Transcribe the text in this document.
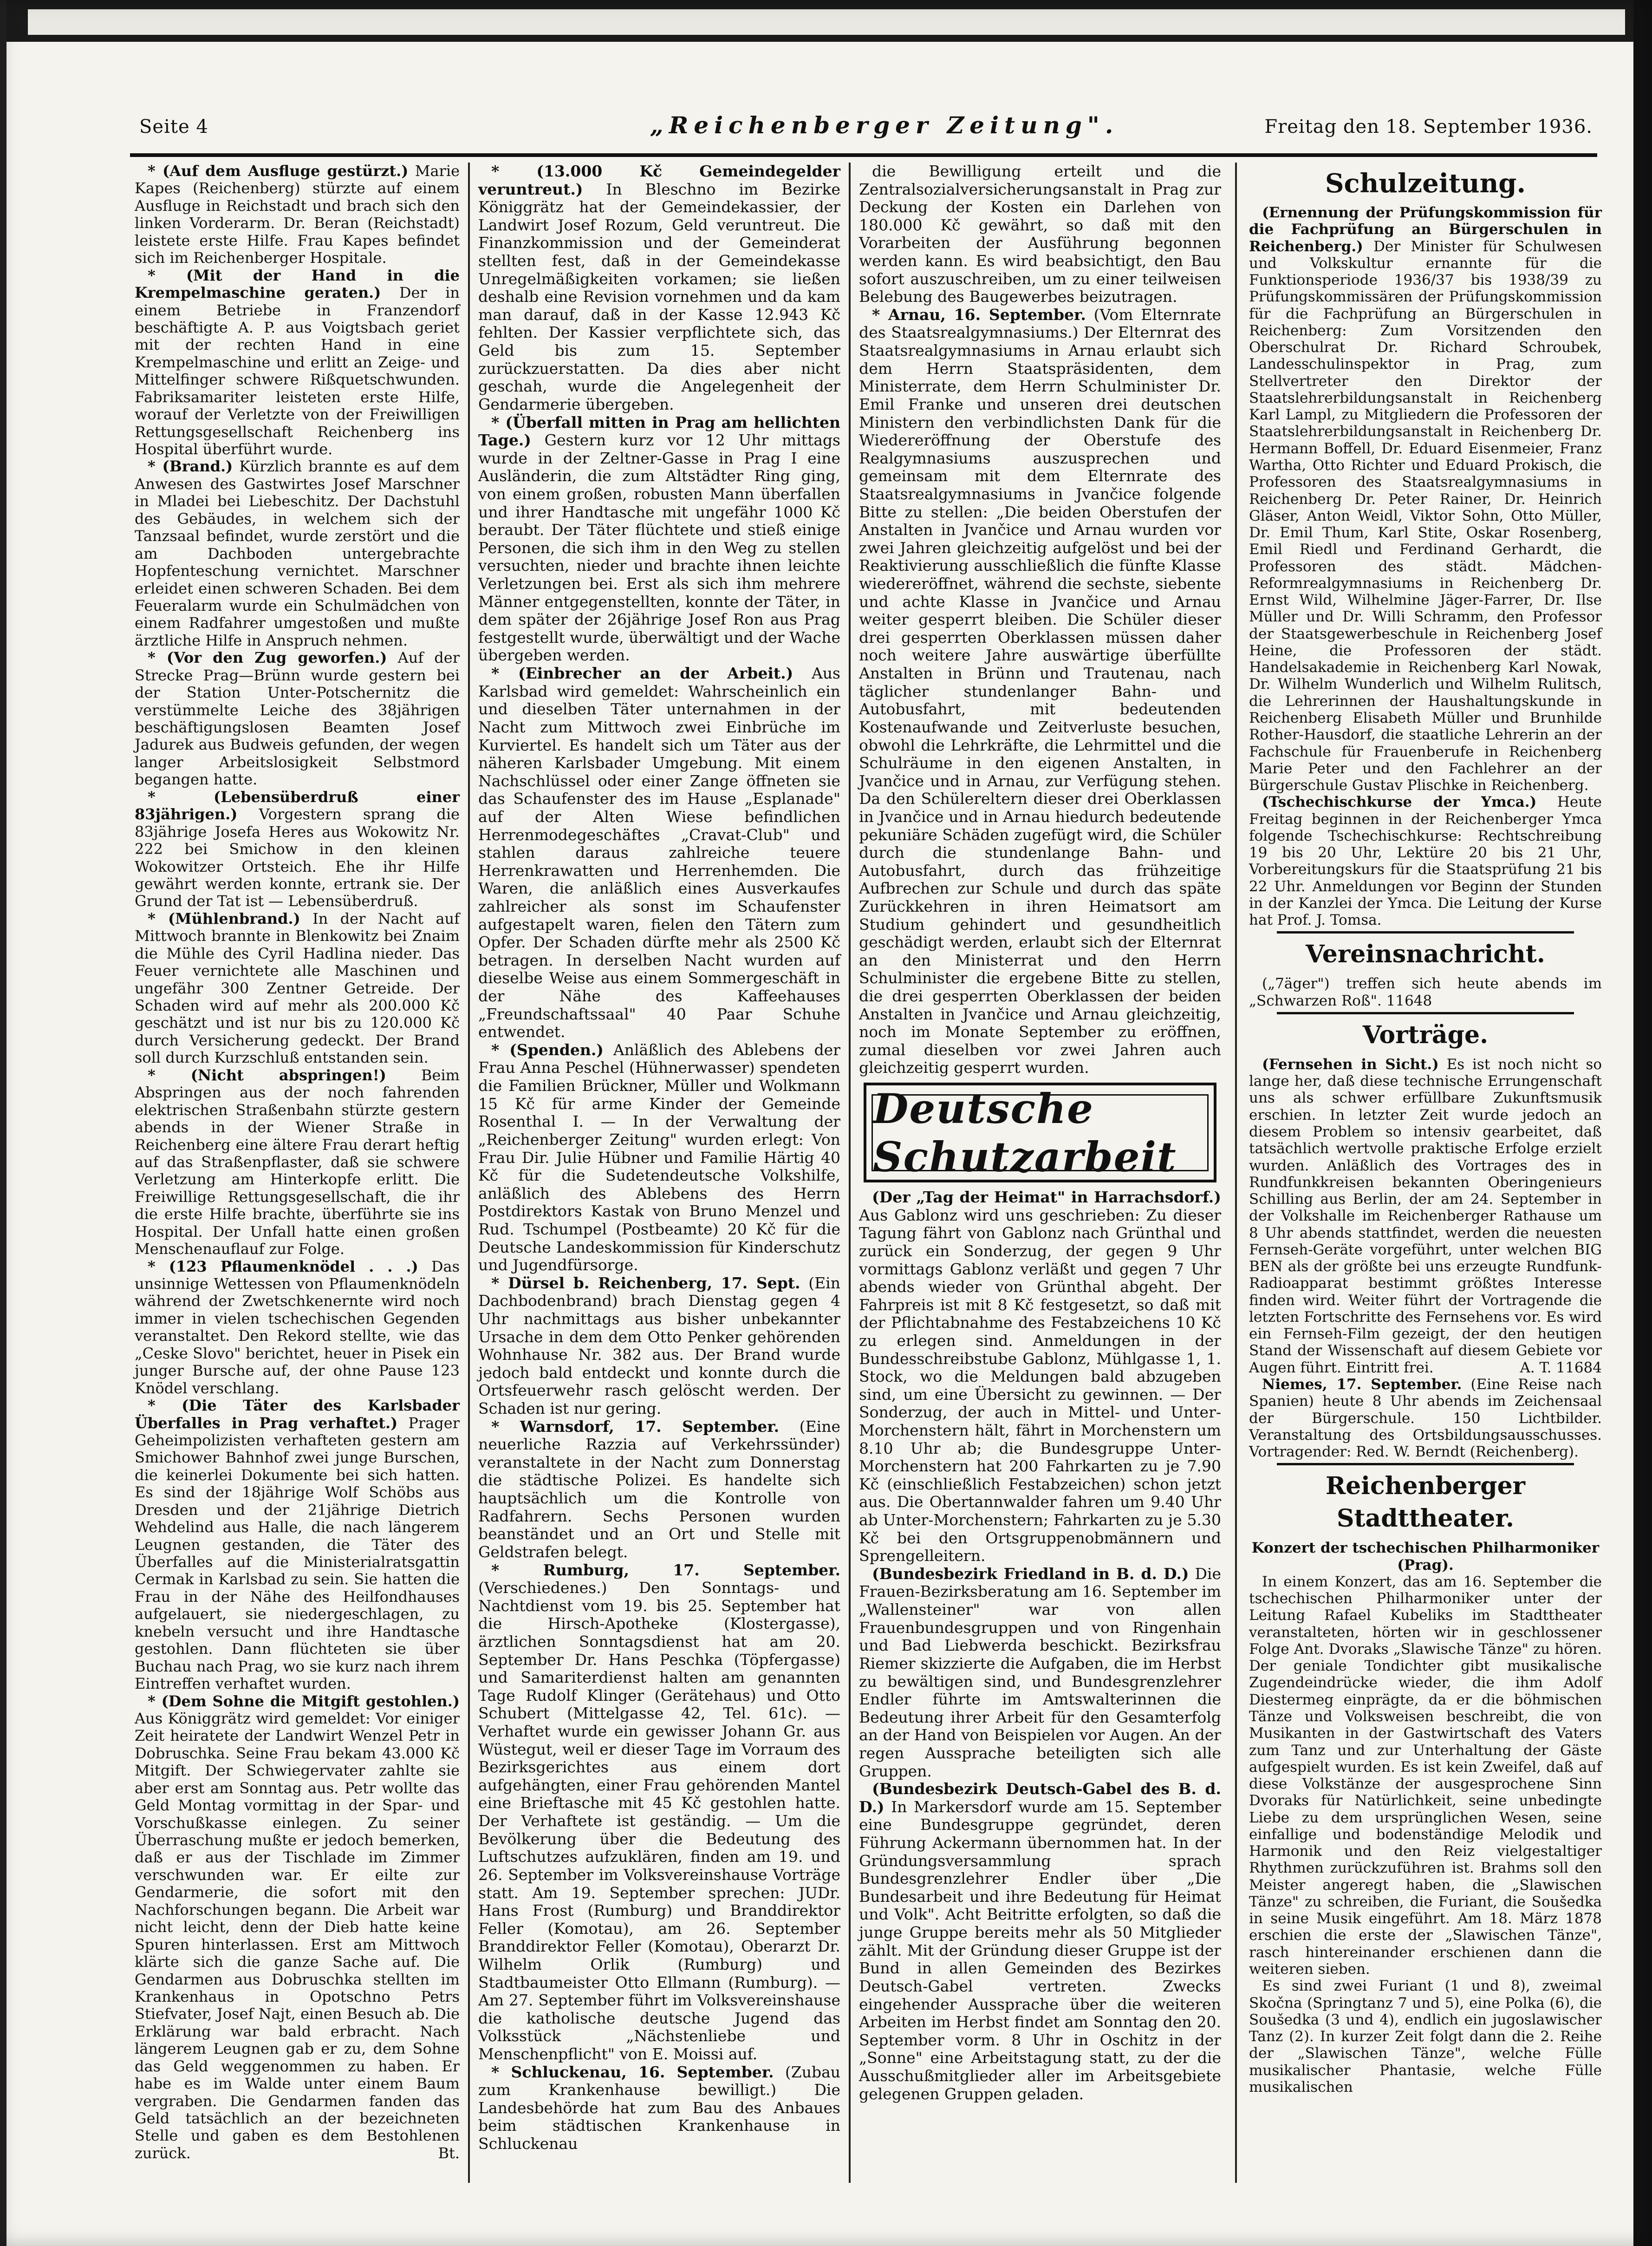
Seite 4	„Reichenberger Zeitung".	Freitag den 18. September 1936.

* (Auf dem Ausfluge gestürzt.) Marie Kapes (Reichenberg) stürzte auf einem Ausfluge in Reichstadt und brach sich den linken Vorderarm. Dr. Beran (Reichstadt) leistete erste Hilfe. Frau Kapes befindet sich im Reichenberger Hospitale.

* (Mit der Hand in die Krempelmaschine geraten.) Der in einem Betriebe in Franzendorf beschäftigte A. P. aus Voigtsbach geriet mit der rechten Hand in eine Krempelmaschine und erlitt an Zeige- und Mittelfinger schwere Rißquetschwunden. Fabriksamariter leisteten erste Hilfe, worauf der Verletzte von der Freiwilligen Rettungsgesellschaft Reichenberg ins Hospital überführt wurde.

* (Brand.) Kürzlich brannte es auf dem Anwesen des Gastwirtes Josef Marschner in Mladei bei Liebeschitz. Der Dachstuhl des Gebäudes, in welchem sich der Tanzsaal befindet, wurde zerstört und die am Dachboden untergebrachte Hopfenteschung vernichtet. Marschner erleidet einen schweren Schaden. Bei dem Feueralarm wurde ein Schulmädchen von einem Radfahrer umgestoßen und mußte ärztliche Hilfe in Anspruch nehmen.

* (Vor den Zug geworfen.) Auf der Strecke Prag—Brünn wurde gestern bei der Station Unter-Potschernitz die verstümmelte Leiche des 38jährigen beschäftigungslosen Beamten Josef Jadurek aus Budweis gefunden, der wegen langer Arbeitslosigkeit Selbstmord begangen hatte.

* (Lebensüberdruß einer 83jährigen.) Vorgestern sprang die 83jährige Josefa Heres aus Wokowitz Nr. 222 bei Smichow in den kleinen Wokowitzer Ortsteich. Ehe ihr Hilfe gewährt werden konnte, ertrank sie. Der Grund der Tat ist — Lebensüberdruß.

* (Mühlenbrand.) In der Nacht auf Mittwoch brannte in Blenkowitz bei Znaim die Mühle des Cyril Hadlina nieder. Das Feuer vernichtete alle Maschinen und ungefähr 300 Zentner Getreide. Der Schaden wird auf mehr als 200.000 Kč geschätzt und ist nur bis zu 120.000 Kč durch Versicherung gedeckt. Der Brand soll durch Kurzschluß entstanden sein.

* (Nicht abspringen!) Beim Abspringen aus der noch fahrenden elektrischen Straßenbahn stürzte gestern abends in der Wiener Straße in Reichenberg eine ältere Frau derart heftig auf das Straßenpflaster, daß sie schwere Verletzung am Hinterkopfe erlitt. Die Freiwillige Rettungsgesellschaft, die ihr die erste Hilfe brachte, überführte sie ins Hospital. Der Unfall hatte einen großen Menschenauflauf zur Folge.

* (123 Pflaumenknödel . . .) Das unsinnige Wettessen von Pflaumenknödeln während der Zwetschkenernte wird noch immer in vielen tschechischen Gegenden veranstaltet. Den Rekord stellte, wie das „Ceske Slovo" berichtet, heuer in Pisek ein junger Bursche auf, der ohne Pause 123 Knödel verschlang.

* (Die Täter des Karlsbader Überfalles in Prag verhaftet.) Prager Geheimpolizisten verhafteten gestern am Smichower Bahnhof zwei junge Burschen, die keinerlei Dokumente bei sich hatten. Es sind der 18jährige Wolf Schöbs aus Dresden und der 21jährige Dietrich Wehdelind aus Halle, die nach längerem Leugnen gestanden, die Täter des Überfalles auf die Ministerialratsgattin Cermak in Karlsbad zu sein. Sie hatten die Frau in der Nähe des Heilfondhauses aufgelauert, sie niedergeschlagen, zu knebeln versucht und ihre Handtasche gestohlen. Dann flüchteten sie über Buchau nach Prag, wo sie kurz nach ihrem Eintreffen verhaftet wurden.

* (Dem Sohne die Mitgift gestohlen.) Aus Königgrätz wird gemeldet: Vor einiger Zeit heiratete der Landwirt Wenzel Petr in Dobruschka. Seine Frau bekam 43.000 Kč Mitgift. Der Schwiegervater zahlte sie aber erst am Sonntag aus. Petr wollte das Geld Montag vormittag in der Spar- und Vorschußkasse einlegen. Zu seiner Überraschung mußte er jedoch bemerken, daß er aus der Tischlade im Zimmer verschwunden war. Er eilte zur Gendarmerie, die sofort mit den Nachforschungen begann. Die Arbeit war nicht leicht, denn der Dieb hatte keine Spuren hinterlassen. Erst am Mittwoch klärte sich die ganze Sache auf. Die Gendarmen aus Dobruschka stellten im Krankenhaus in Opotschno Petrs Stiefvater, Josef Najt, einen Besuch ab. Die Erklärung war bald erbracht. Nach längerem Leugnen gab er zu, dem Sohne das Geld weggenommen zu haben. Er habe es im Walde unter einem Baum vergraben. Die Gendarmen fanden das Geld tatsächlich an der bezeichneten Stelle und gaben es dem Bestohlenen zurück.	Bt.

* (13.000 Kč Gemeindegelder veruntreut.) In Bleschno im Bezirke Königgrätz hat der Gemeindekassier, der Landwirt Josef Rozum, Geld veruntreut. Die Finanzkommission und der Gemeinderat stellten fest, daß in der Gemeindekasse Unregelmäßigkeiten vorkamen; sie ließen deshalb eine Revision vornehmen und da kam man darauf, daß in der Kasse 12.943 Kč fehlten. Der Kassier verpflichtete sich, das Geld bis zum 15. September zurückzuerstatten. Da dies aber nicht geschah, wurde die Angelegenheit der Gendarmerie übergeben.

* (Überfall mitten in Prag am hellichten Tage.) Gestern kurz vor 12 Uhr mittags wurde in der Zeltner-Gasse in Prag I eine Ausländerin, die zum Altstädter Ring ging, von einem großen, robusten Mann überfallen und ihrer Handtasche mit ungefähr 1000 Kč beraubt. Der Täter flüchtete und stieß einige Personen, die sich ihm in den Weg zu stellen versuchten, nieder und brachte ihnen leichte Verletzungen bei. Erst als sich ihm mehrere Männer entgegenstellten, konnte der Täter, in dem später der 26jährige Josef Ron aus Prag festgestellt wurde, überwältigt und der Wache übergeben werden.

* (Einbrecher an der Arbeit.) Aus Karlsbad wird gemeldet: Wahrscheinlich ein und dieselben Täter unternahmen in der Nacht zum Mittwoch zwei Einbrüche im Kurviertel. Es handelt sich um Täter aus der näheren Karlsbader Umgebung. Mit einem Nachschlüssel oder einer Zange öffneten sie das Schaufenster des im Hause „Esplanade" auf der Alten Wiese befindlichen Herrenmodegeschäftes „Cravat-Club" und stahlen daraus zahlreiche teuere Herrenkrawatten und Herrenhemden. Die Waren, die anläßlich eines Ausverkaufes zahlreicher als sonst im Schaufenster aufgestapelt waren, fielen den Tätern zum Opfer. Der Schaden dürfte mehr als 2500 Kč betragen. In derselben Nacht wurden auf dieselbe Weise aus einem Sommergeschäft in der Nähe des Kaffeehauses „Freundschaftssaal" 40 Paar Schuhe entwendet.

* (Spenden.) Anläßlich des Ablebens der Frau Anna Peschel (Hühnerwasser) spendeten die Familien Brückner, Müller und Wolkmann 15 Kč für arme Kinder der Gemeinde Rosenthal I. — In der Verwaltung der „Reichenberger Zeitung" wurden erlegt: Von Frau Dir. Julie Hübner und Familie Härtig 40 Kč für die Sudetendeutsche Volkshilfe, anläßlich des Ablebens des Herrn Postdirektors Kastak von Bruno Menzel und Rud. Tschumpel (Postbeamte) 20 Kč für die Deutsche Landeskommission für Kinderschutz und Jugendfürsorge.

* Dürsel b. Reichenberg, 17. Sept. (Ein Dachbodenbrand) brach Dienstag gegen 4 Uhr nachmittags aus bisher unbekannter Ursache in dem dem Otto Penker gehörenden Wohnhause Nr. 382 aus. Der Brand wurde jedoch bald entdeckt und konnte durch die Ortsfeuerwehr rasch gelöscht werden. Der Schaden ist nur gering.

* Warnsdorf, 17. September. (Eine neuerliche Razzia auf Verkehrssünder) veranstaltete in der Nacht zum Donnerstag die städtische Polizei. Es handelte sich hauptsächlich um die Kontrolle von Radfahrern. Sechs Personen wurden beanständet und an Ort und Stelle mit Geldstrafen belegt.

* Rumburg, 17. September. (Verschiedenes.) Den Sonntags- und Nachtdienst vom 19. bis 25. September hat die Hirsch-Apotheke (Klostergasse), ärztlichen Sonntagsdienst hat am 20. September Dr. Hans Peschka (Töpfergasse) und Samariterdienst halten am genannten Tage Rudolf Klinger (Gerätehaus) und Otto Schubert (Mittelgasse 42, Tel. 61c). — Verhaftet wurde ein gewisser Johann Gr. aus Wüstegut, weil er dieser Tage im Vorraum des Bezirksgerichtes aus einem dort aufgehängten, einer Frau gehörenden Mantel eine Brieftasche mit 45 Kč gestohlen hatte. Der Verhaftete ist geständig. — Um die Bevölkerung über die Bedeutung des Luftschutzes aufzuklären, finden am 19. und 26. September im Volksvereinshause Vorträge statt. Am 19. September sprechen: JUDr. Hans Frost (Rumburg) und Branddirektor Feller (Komotau), am 26. September Branddirektor Feller (Komotau), Oberarzt Dr. Wilhelm Orlik (Rumburg) und Stadtbaumeister Otto Ellmann (Rumburg). — Am 27. September führt im Volksvereinshause die katholische deutsche Jugend das Volksstück „Nächstenliebe und Menschenpflicht" von E. Moissi auf.

* Schluckenau, 16. September. (Zubau zum Krankenhause bewilligt.) Die Landesbehörde hat zum Bau des Anbaues beim städtischen Krankenhause in Schluckenau

die Bewilligung erteilt und die Zentralsozialversicherungsanstalt in Prag zur Deckung der Kosten ein Darlehen von 180.000 Kč gewährt, so daß mit den Vorarbeiten der Ausführung begonnen werden kann. Es wird beabsichtigt, den Bau sofort auszuschreiben, um zu einer teilweisen Belebung des Baugewerbes beizutragen.

* Arnau, 16. September. (Vom Elternrate des Staatsrealgymnasiums.) Der Elternrat des Staatsrealgymnasiums in Arnau erlaubt sich dem Herrn Staatspräsidenten, dem Ministerrate, dem Herrn Schulminister Dr. Emil Franke und unseren drei deutschen Ministern den verbindlichsten Dank für die Wiedereröffnung der Oberstufe des Realgymnasiums auszusprechen und gemeinsam mit dem Elternrate des Staatsrealgymnasiums in Jvančice folgende Bitte zu stellen: „Die beiden Oberstufen der Anstalten in Jvančice und Arnau wurden vor zwei Jahren gleichzeitig aufgelöst und bei der Reaktivierung ausschließlich die fünfte Klasse wiedereröffnet, während die sechste, siebente und achte Klasse in Jvančice und Arnau weiter gesperrt bleiben. Die Schüler dieser drei gesperrten Oberklassen müssen daher noch weitere Jahre auswärtige überfüllte Anstalten in Brünn und Trautenau, nach täglicher stundenlanger Bahn- und Autobusfahrt, mit bedeutenden Kostenaufwande und Zeitverluste besuchen, obwohl die Lehrkräfte, die Lehrmittel und die Schulräume in den eigenen Anstalten, in Jvančice und in Arnau, zur Verfügung stehen. Da den Schülereltern dieser drei Oberklassen in Jvančice und in Arnau hiedurch bedeutende pekuniäre Schäden zugefügt wird, die Schüler durch die stundenlange Bahn- und Autobusfahrt, durch das frühzeitige Aufbrechen zur Schule und durch das späte Zurückkehren in ihren Heimatsort am Studium gehindert und gesundheitlich geschädigt werden, erlaubt sich der Elternrat an den Ministerrat und den Herrn Schulminister die ergebene Bitte zu stellen, die drei gesperrten Oberklassen der beiden Anstalten in Jvančice und Arnau gleichzeitig, noch im Monate September zu eröffnen, zumal dieselben vor zwei Jahren auch gleichzeitig gesperrt wurden.

(Der „Tag der Heimat" in Harrachsdorf.) Aus Gablonz wird uns geschrieben: Zu dieser Tagung fährt von Gablonz nach Grünthal und zurück ein Sonderzug, der gegen 9 Uhr vormittags Gablonz verläßt und gegen 7 Uhr abends wieder von Grünthal abgeht. Der Fahrpreis ist mit 8 Kč festgesetzt, so daß mit der Pflichtabnahme des Festabzeichens 10 Kč zu erlegen sind. Anmeldungen in der Bundesschreibstube Gablonz, Mühlgasse 1, 1. Stock, wo die Meldungen bald abzugeben sind, um eine Übersicht zu gewinnen. — Der Sonderzug, der auch in Mittel- und Unter-Morchenstern hält, fährt in Morchenstern um 8.10 Uhr ab; die Bundesgruppe Unter-Morchenstern hat 200 Fahrkarten zu je 7.90 Kč (einschließlich Festabzeichen) schon jetzt aus. Die Obertannwalder fahren um 9.40 Uhr ab Unter-Morchenstern; Fahrkarten zu je 5.30 Kč bei den Ortsgruppenobmännern und Sprengelleitern.

(Bundesbezirk Friedland in B. d. D.) Die Frauen-Bezirksberatung am 16. September im „Wallensteiner" war von allen Frauenbundesgruppen und von Ringenhain und Bad Liebwerda beschickt. Bezirksfrau Riemer skizzierte die Aufgaben, die im Herbst zu bewältigen sind, und Bundesgrenzlehrer Endler führte im Amtswalterinnen die Bedeutung ihrer Arbeit für den Gesamterfolg an der Hand von Beispielen vor Augen. An der regen Aussprache beteiligten sich alle Gruppen.

(Bundesbezirk Deutsch-Gabel des B. d. D.) In Markersdorf wurde am 15. September eine Bundesgruppe gegründet, deren Führung Ackermann übernommen hat. In der Gründungsversammlung sprach Bundesgrenzlehrer Endler über „Die Bundesarbeit und ihre Bedeutung für Heimat und Volk". Acht Beitritte erfolgten, so daß die junge Gruppe bereits mehr als 50 Mitglieder zählt. Mit der Gründung dieser Gruppe ist der Bund in allen Gemeinden des Bezirkes Deutsch-Gabel vertreten. Zwecks eingehender Aussprache über die weiteren Arbeiten im Herbst findet am Sonntag den 20. September vorm. 8 Uhr in Oschitz in der „Sonne" eine Arbeitstagung statt, zu der die Ausschußmitglieder aller im Arbeitsgebiete gelegenen Gruppen geladen.

Deutsche Schutzarbeit
Schulzeitung.

(Ernennung der Prüfungskommission für die Fachprüfung an Bürgerschulen in Reichenberg.) Der Minister für Schulwesen und Volkskultur ernannte für die Funktionsperiode 1936/37 bis 1938/39 zu Prüfungskommissären der Prüfungskommission für die Fachprüfung an Bürgerschulen in Reichenberg: Zum Vorsitzenden den Oberschulrat Dr. Richard Schroubek, Landesschulinspektor in Prag, zum Stellvertreter den Direktor der Staatslehrerbildungsanstalt in Reichenberg Karl Lampl, zu Mitgliedern die Professoren der Staatslehrerbildungsanstalt in Reichenberg Dr. Hermann Boffell, Dr. Eduard Eisenmeier, Franz Wartha, Otto Richter und Eduard Prokisch, die Professoren des Staatsrealgymnasiums in Reichenberg Dr. Peter Rainer, Dr. Heinrich Gläser, Anton Weidl, Viktor Sohn, Otto Müller, Dr. Emil Thum, Karl Stite, Oskar Rosenberg, Emil Riedl und Ferdinand Gerhardt, die Professoren des städt. Mädchen-Reformrealgymnasiums in Reichenberg Dr. Ernst Wild, Wilhelmine Jäger-Farrer, Dr. Ilse Müller und Dr. Willi Schramm, den Professor der Staatsgewerbeschule in Reichenberg Josef Heine, die Professoren der städt. Handelsakademie in Reichenberg Karl Nowak, Dr. Wilhelm Wunderlich und Wilhelm Rulitsch, die Lehrerinnen der Haushaltungskunde in Reichenberg Elisabeth Müller und Brunhilde Rother-Hausdorf, die staatliche Lehrerin an der Fachschule für Frauenberufe in Reichenberg Marie Peter und den Fachlehrer an der Bürgerschule Gustav Plischke in Reichenberg.

(Tschechischkurse der Ymca.) Heute Freitag beginnen in der Reichenberger Ymca folgende Tschechischkurse: Rechtschreibung 19 bis 20 Uhr, Lektüre 20 bis 21 Uhr, Vorbereitungskurs für die Staatsprüfung 21 bis 22 Uhr. Anmeldungen vor Beginn der Stunden in der Kanzlei der Ymca. Die Leitung der Kurse hat Prof. J. Tomsa.

Vereinsnachricht.

(„7äger") treffen sich heute abends im „Schwarzen Roß". 11648

Vorträge.

(Fernsehen in Sicht.) Es ist noch nicht so lange her, daß diese technische Errungenschaft uns als schwer erfüllbare Zukunftsmusik erschien. In letzter Zeit wurde jedoch an diesem Problem so intensiv gearbeitet, daß tatsächlich wertvolle praktische Erfolge erzielt wurden. Anläßlich des Vortrages des in Rundfunkkreisen bekannten Oberingenieurs Schilling aus Berlin, der am 24. September in der Volkshalle im Reichenberger Rathause um 8 Uhr abends stattfindet, werden die neuesten Fernseh-Geräte vorgeführt, unter welchen BIG BEN als der größte bei uns erzeugte Rundfunk-Radioapparat bestimmt größtes Interesse finden wird. Weiter führt der Vortragende die letzten Fortschritte des Fernsehens vor. Es wird ein Fernseh-Film gezeigt, der den heutigen Stand der Wissenschaft auf diesem Gebiete vor Augen führt. Eintritt frei.	A. T. 11684

Niemes, 17. September. (Eine Reise nach Spanien) heute 8 Uhr abends im Zeichensaal der Bürgerschule. 150 Lichtbilder. Veranstaltung des Ortsbildungsausschusses. Vortragender: Red. W. Berndt (Reichenberg).

Reichenberger Stadttheater.
Konzert der tschechischen Philharmoniker (Prag).

In einem Konzert, das am 16. September die tschechischen Philharmoniker unter der Leitung Rafael Kubeliks im Stadttheater veranstalteten, hörten wir in geschlossener Folge Ant. Dvoraks „Slawische Tänze" zu hören. Der geniale Tondichter gibt musikalische Zugendeindrücke wieder, die ihm Adolf Diestermeg einprägte, da er die böhmischen Tänze und Volksweisen beschreibt, die von Musikanten in der Gastwirtschaft des Vaters zum Tanz und zur Unterhaltung der Gäste aufgespielt wurden. Es ist kein Zweifel, daß auf diese Volkstänze der ausgesprochene Sinn Dvoraks für Natürlichkeit, seine unbedingte Liebe zu dem ursprünglichen Wesen, seine einfallige und bodenständige Melodik und Harmonik und den Reiz vielgestaltiger Rhythmen zurückzuführen ist. Brahms soll den Meister angeregt haben, die „Slawischen Tänze" zu schreiben, die Furiant, die Soušedka in seine Musik eingeführt. Am 18. März 1878 erschien die erste der „Slawischen Tänze", rasch hintereinander erschienen dann die weiteren sieben.

Es sind zwei Furiant (1 und 8), zweimal Skočna (Springtanz 7 und 5), eine Polka (6), die Soušedka (3 und 4), endlich ein jugoslawischer Tanz (2). In kurzer Zeit folgt dann die 2. Reihe der „Slawischen Tänze", welche Fülle musikalischer Phantasie, welche Fülle musikalischen
